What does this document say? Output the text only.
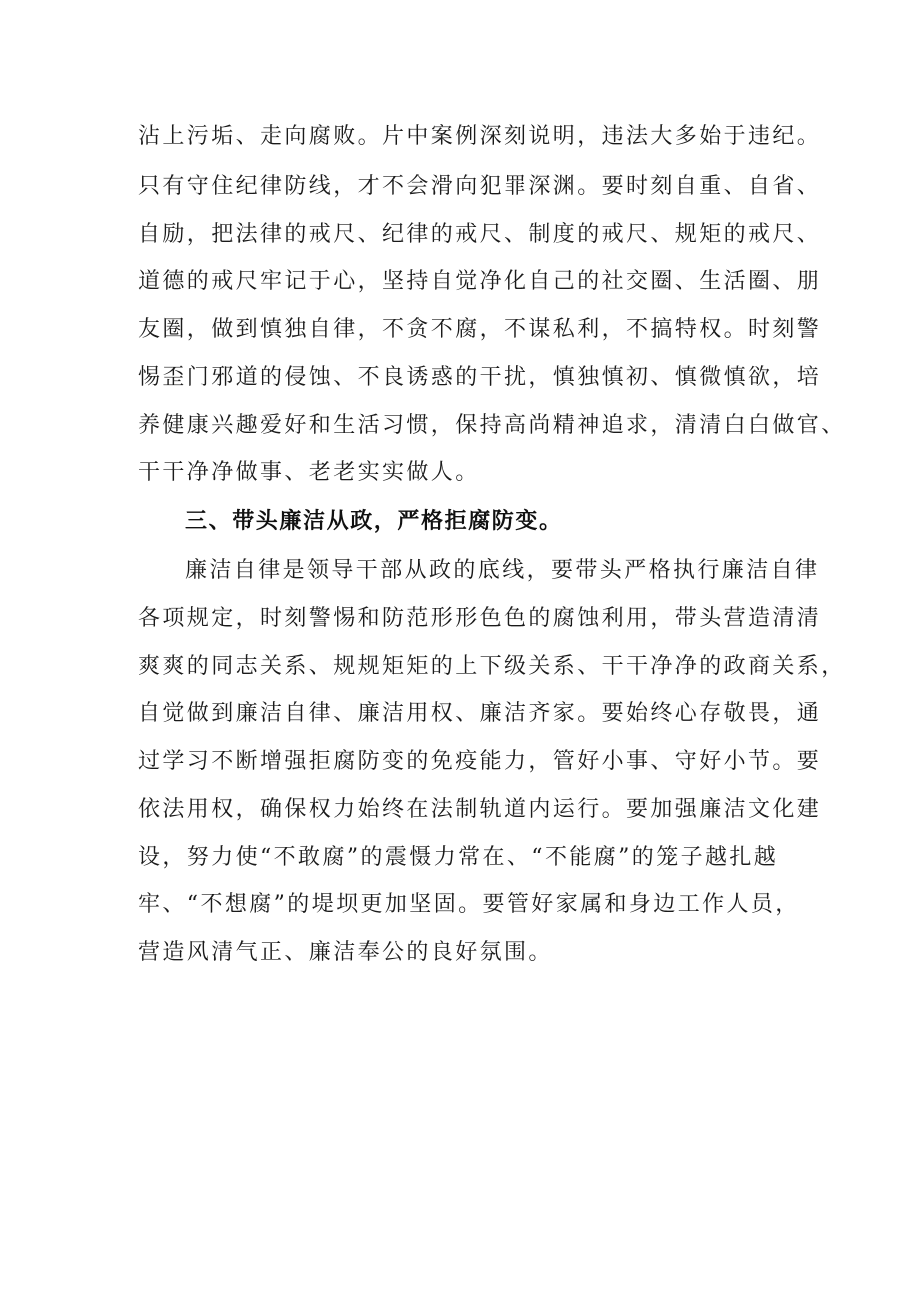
沾上污垢、走向腐败。片中案例深刻说明，违法大多始于违纪。
只有守住纪律防线，才不会滑向犯罪深渊。要时刻自重、自省、
自励，把法律的戒尺、纪律的戒尺、制度的戒尺、规矩的戒尺、
道德的戒尺牢记于心，坚持自觉净化自己的社交圈、生活圈、朋
友圈，做到慎独自律，不贪不腐，不谋私利，不搞特权。时刻警
惕歪门邪道的侵蚀、不良诱惑的干扰，慎独慎初、慎微慎欲，培
养健康兴趣爱好和生活习惯，保持高尚精神追求，清清白白做官、
干干净净做事、老老实实做人。
三、带头廉洁从政，严格拒腐防变。
廉洁自律是领导干部从政的底线，要带头严格执行廉洁自律
各项规定，时刻警惕和防范形形色色的腐蚀利用，带头营造清清
爽爽的同志关系、规规矩矩的上下级关系、干干净净的政商关系，
自觉做到廉洁自律、廉洁用权、廉洁齐家。要始终心存敬畏，通
过学习不断增强拒腐防变的免疫能力，管好小事、守好小节。要
依法用权，确保权力始终在法制轨道内运行。要加强廉洁文化建
设，努力使“不敢腐”的震慑力常在、“不能腐”的笼子越扎越
牢、“不想腐”的堤坝更加坚固。要管好家属和身边工作人员，
营造风清气正、廉洁奉公的良好氛围。
